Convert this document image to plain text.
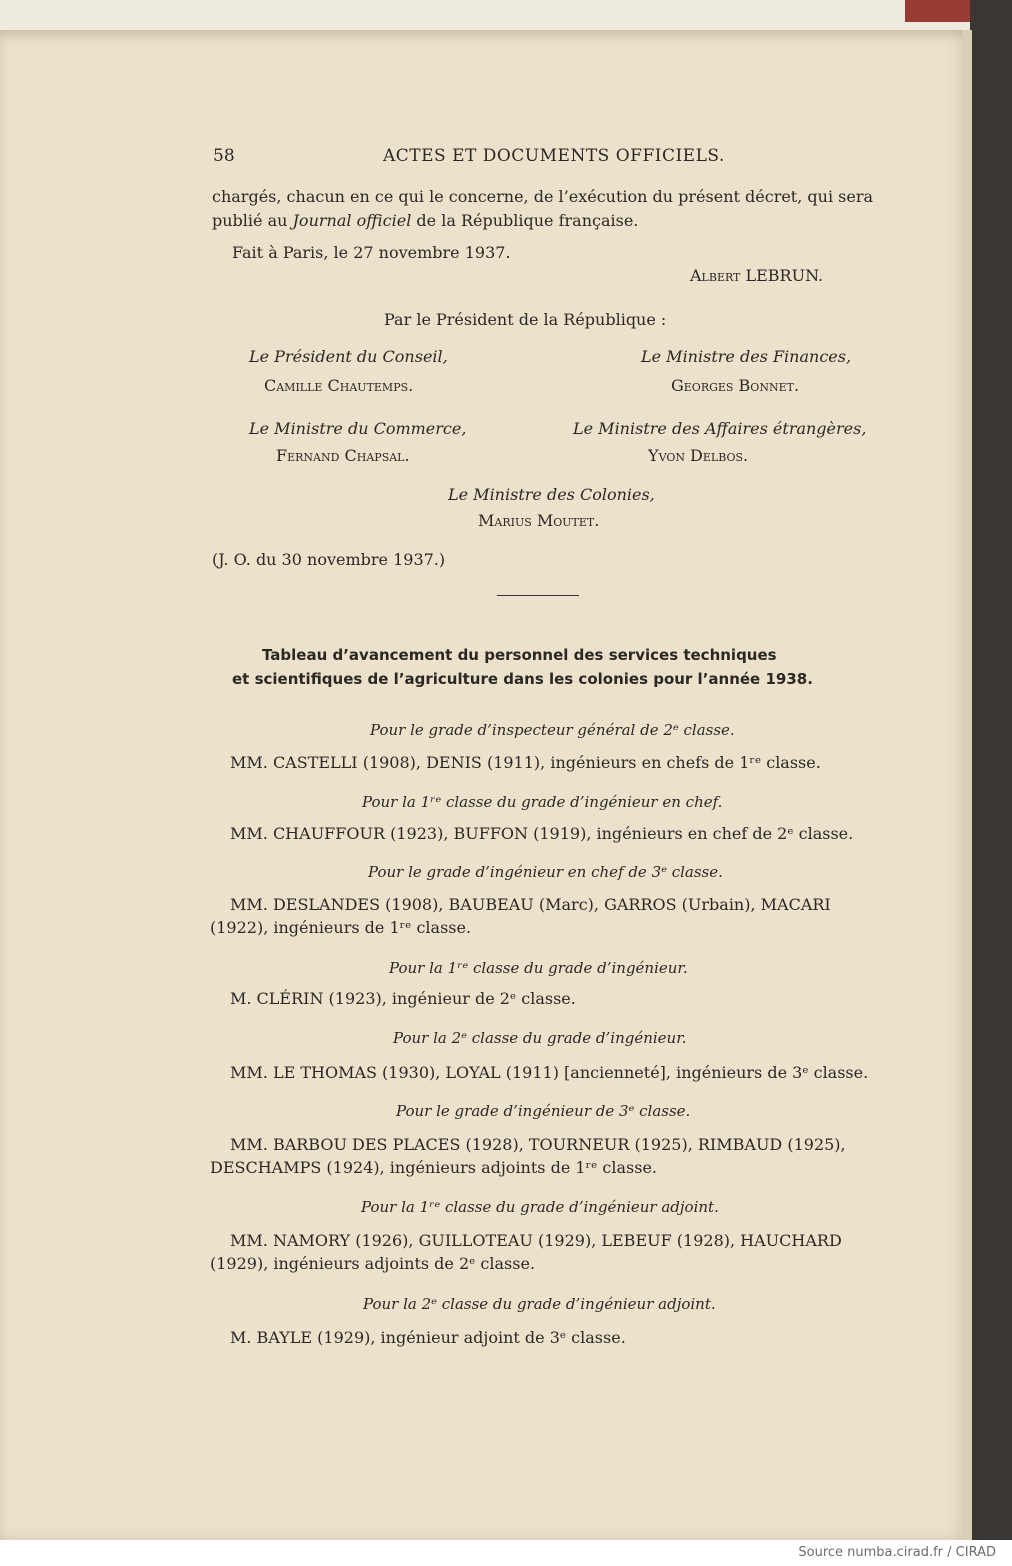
58	ACTES ET DOCUMENTS OFFICIELS.
chargés, chacun en ce qui le concerne, de l’exécution du présent décret, qui sera
publié au Journal officiel de la République française.
Fait à Paris, le 27 novembre 1937.
Albert LEBRUN.
Par le Président de la République :
Le Président du Conseil,
Camille Chautemps.
Le Ministre des Finances,
Georges Bonnet.
Le Ministre du Commerce,
Fernand Chapsal.
Le Ministre des Affaires étrangères,
Yvon Delbos.
Le Ministre des Colonies,
Marius Moutet.
(J. O. du 30 novembre 1937.)
Tableau d’avancement du personnel des services techniques
et scientifiques de l’agriculture dans les colonies pour l’année 1938.
Pour le grade d’inspecteur général de 2ᵉ classe.
MM. CASTELLI (1908), DENIS (1911), ingénieurs en chefs de 1ʳᵉ classe.
Pour la 1ʳᵉ classe du grade d’ingénieur en chef.
MM. CHAUFFOUR (1923), BUFFON (1919), ingénieurs en chef de 2ᵉ classe.
Pour le grade d’ingénieur en chef de 3ᵉ classe.
MM. DESLANDES (1908), BAUBEAU (Marc), GARROS (Urbain), MACARI
(1922), ingénieurs de 1ʳᵉ classe.
Pour la 1ʳᵉ classe du grade d’ingénieur.
M. CLÉRIN (1923), ingénieur de 2ᵉ classe.
Pour la 2ᵉ classe du grade d’ingénieur.
MM. LE THOMAS (1930), LOYAL (1911) [ancienneté], ingénieurs de 3ᵉ classe.
Pour le grade d’ingénieur de 3ᵉ classe.
MM. BARBOU DES PLACES (1928), TOURNEUR (1925), RIMBAUD (1925),
DESCHAMPS (1924), ingénieurs adjoints de 1ʳᵉ classe.
Pour la 1ʳᵉ classe du grade d’ingénieur adjoint.
MM. NAMORY (1926), GUILLOTEAU (1929), LEBEUF (1928), HAUCHARD
(1929), ingénieurs adjoints de 2ᵉ classe.
Pour la 2ᵉ classe du grade d’ingénieur adjoint.
M. BAYLE (1929), ingénieur adjoint de 3ᵉ classe.
Source numba.cirad.fr / CIRAD
